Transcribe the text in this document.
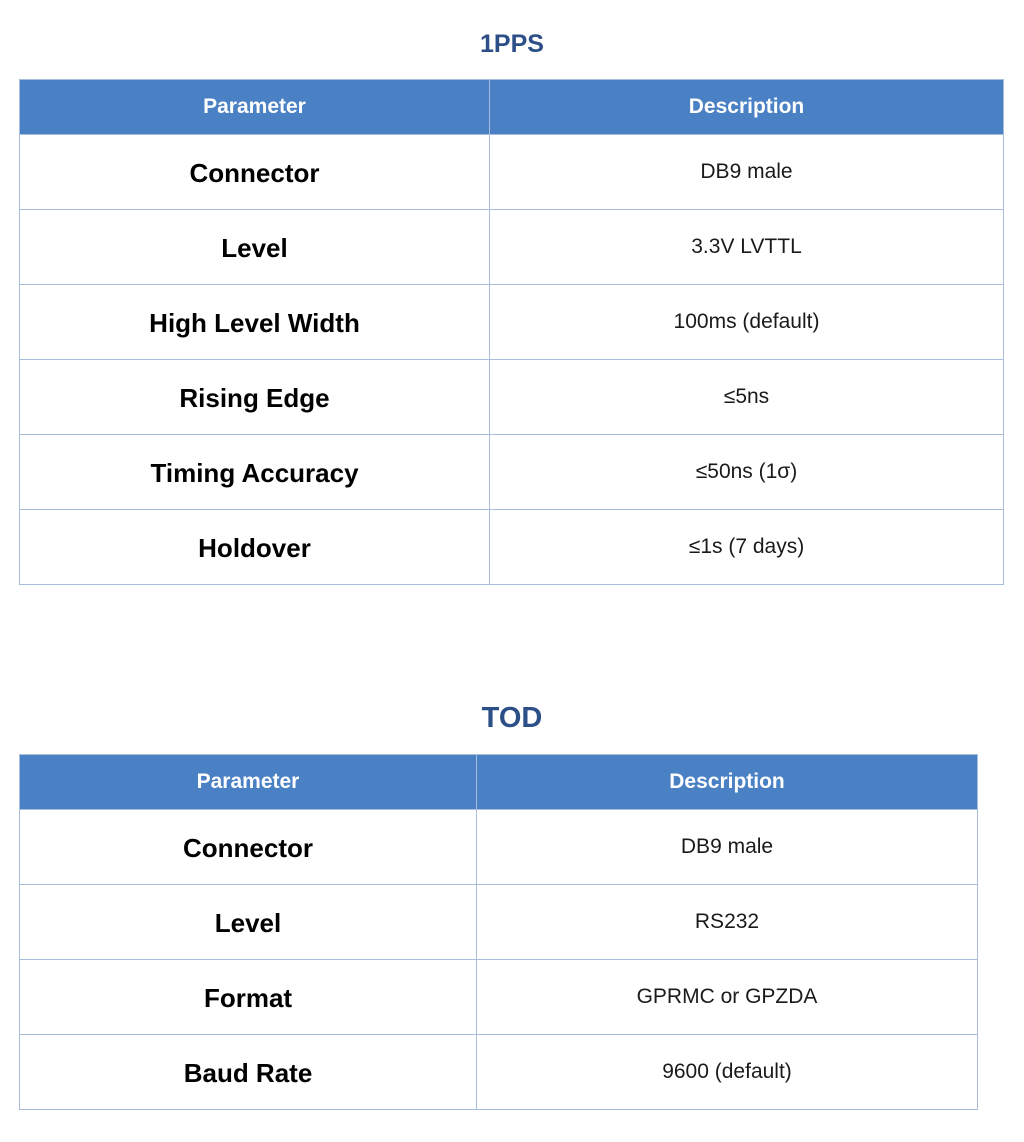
1PPS
Parameter	Description
Connector	DB9 male
Level	3.3V LVTTL
High Level Width	100ms (default)
Rising Edge	≤5ns
Timing Accuracy	≤50ns (1σ)
Holdover	≤1s (7 days)
TOD
Parameter	Description
Connector	DB9 male
Level	RS232
Format	GPRMC or GPZDA
Baud Rate	9600 (default)
